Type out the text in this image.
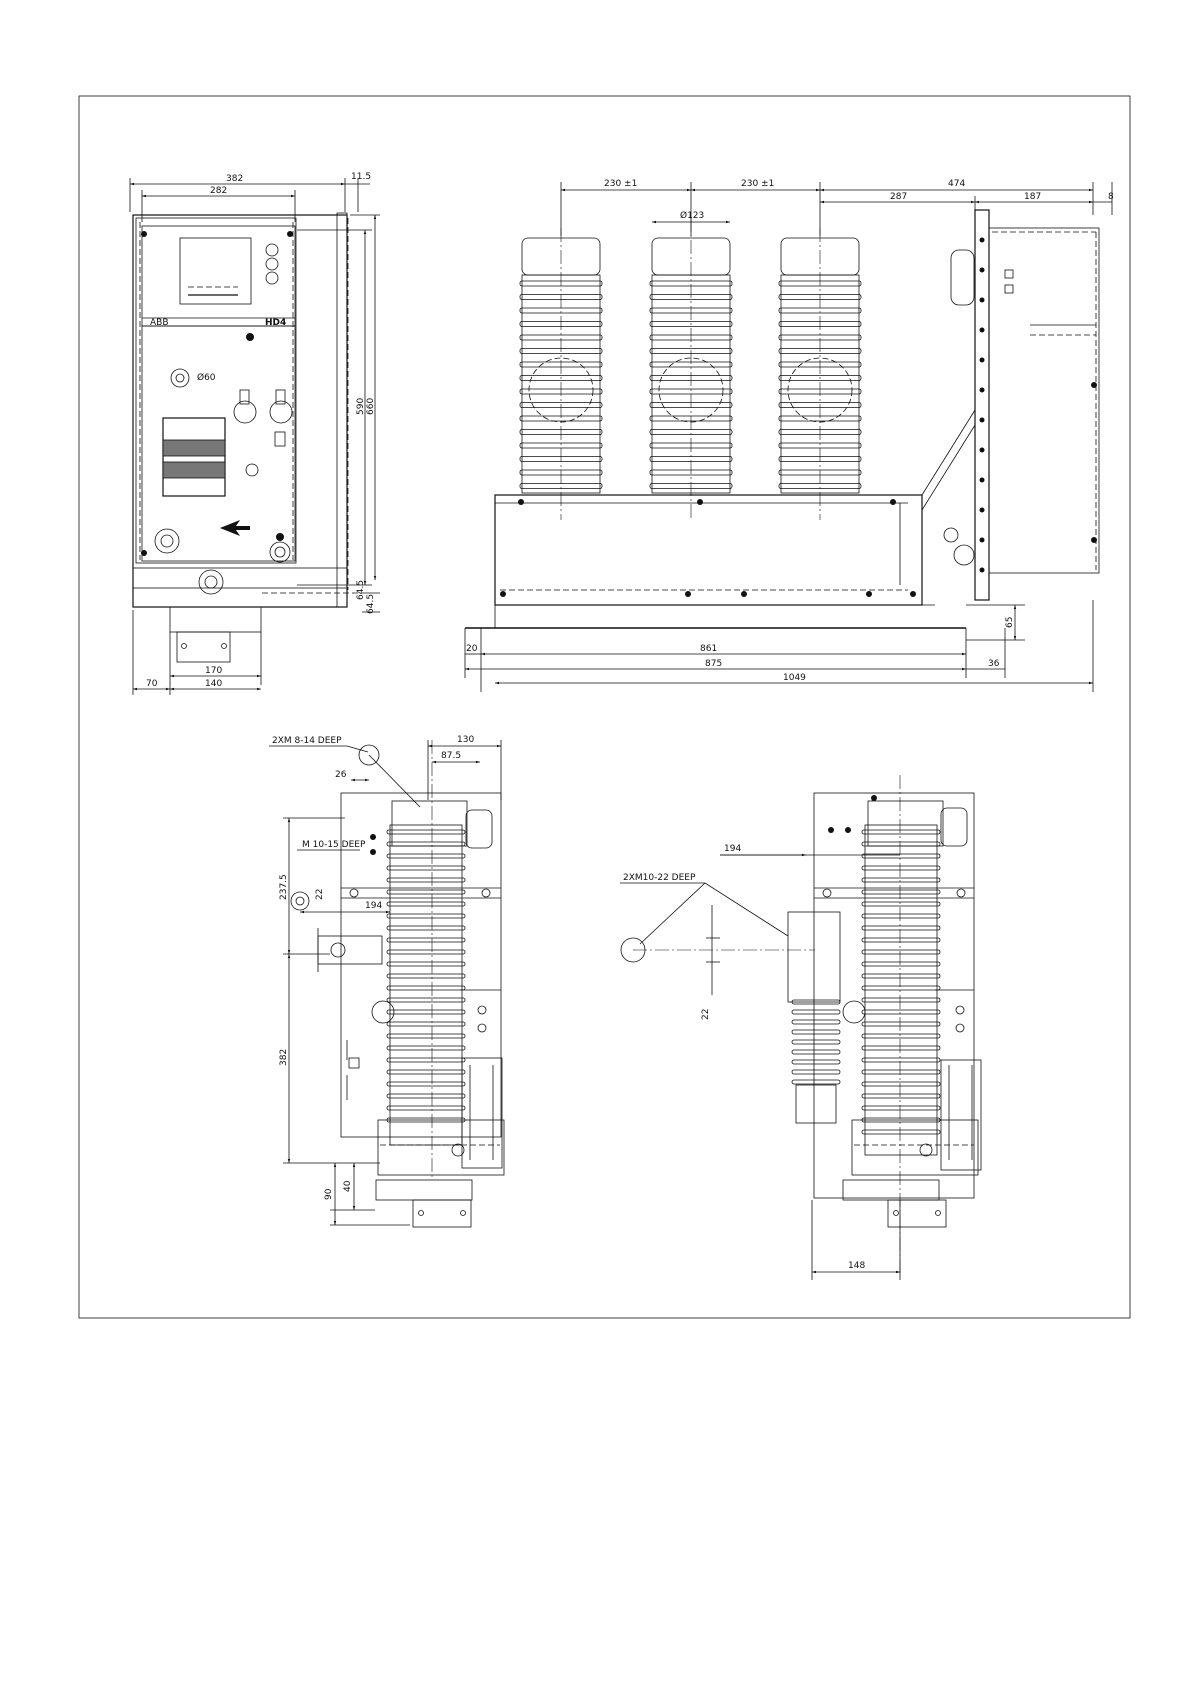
ABB	HD4
Ø60
382
282
11.5
590 660
64.5
64.5
170
140
70
230 ±1	230 ±1
Ø123
474
287	187	8
65
20	861
875	36
1049
2XM 8-14 DEEP	130
87.5
26
M 10-15 DEEP
237.5	22
194
382
90
40
194
2XM10-22 DEEP
22
148
